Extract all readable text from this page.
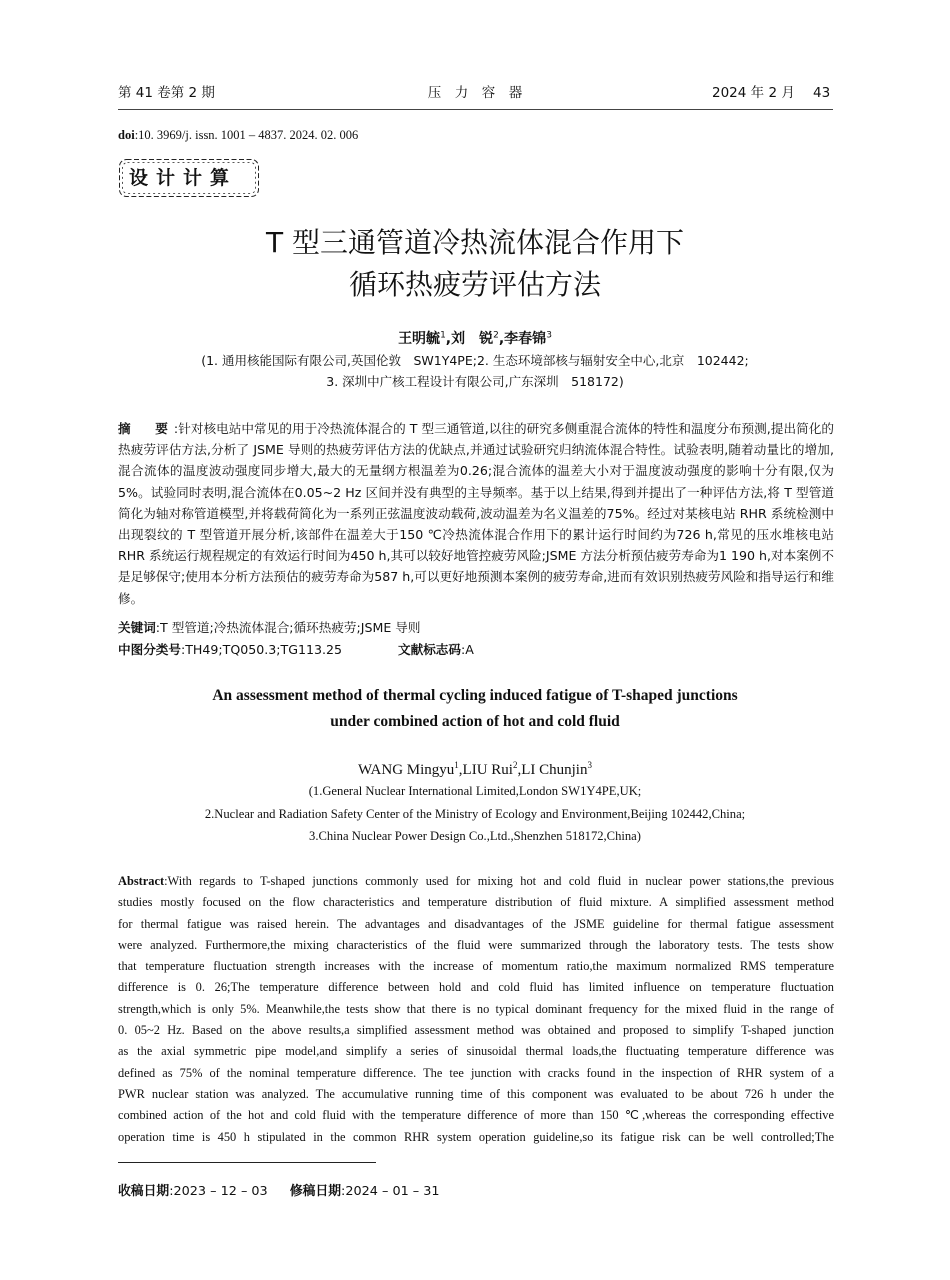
第 41 卷第 2 期	压　力　容　器	2024 年 2 月 43
doi:10. 3969/j. issn. 1001 – 4837. 2024. 02. 006
设计计算
T 型三通管道冷热流体混合作用下
循环热疲劳评估方法
王明毓$^1$,刘　锐$^2$,李春锦$^3$
(1. 通用核能国际有限公司,英国伦敦　SW1Y4PE;2. 生态环境部核与辐射安全中心,北京　102442;
3. 深圳中广核工程设计有限公司,广东深圳　518172)
摘　要:针对核电站中常见的用于冷热流体混合的 T 型三通管道,以往的研究多侧重混合流体的特性和温度分布预测,提出简化的热疲劳评估方法,分析了 JSME 导则的热疲劳评估方法的优缺点,并通过试验研究归纳流体混合特性。试验表明,随着动量比的增加,混合流体的温度波动强度同步增大,最大的无量纲方根温差为0.26;混合流体的温差大小对于温度波动强度的影响十分有限,仅为5%。试验同时表明,混合流体在0.05~2 Hz 区间并没有典型的主导频率。基于以上结果,得到并提出了一种评估方法,将 T 型管道简化为轴对称管道模型,并将载荷简化为一系列正弦温度波动载荷,波动温差为名义温差的75%。经过对某核电站 RHR 系统检测中出现裂纹的 T 型管道开展分析,该部件在温差大于150 ℃冷热流体混合作用下的累计运行时间约为726 h,常见的压水堆核电站 RHR 系统运行规程规定的有效运行时间为450 h,其可以较好地管控疲劳风险;JSME 方法分析预估疲劳寿命为1 190 h,对本案例不是足够保守;使用本分析方法预估的疲劳寿命为587 h,可以更好地预测本案例的疲劳寿命,进而有效识别热疲劳风险和指导运行和维修。
关键词:T 型管道;冷热流体混合;循环热疲劳;JSME 导则
中图分类号:TH49;TQ050.3;TG113.25	文献标志码:A
An assessment method of thermal cycling induced fatigue of T-shaped junctions
under combined action of hot and cold fluid
WANG Mingyu$^1$,LIU Rui$^2$,LI Chunjin$^3$
(1.General Nuclear International Limited,London SW1Y4PE,UK;
2.Nuclear and Radiation Safety Center of the Ministry of Ecology and Environment,Beijing 102442,China;
3.China Nuclear Power Design Co.,Ltd.,Shenzhen 518172,China)
Abstract:With regards to T-shaped junctions commonly used for mixing hot and cold fluid in nuclear power stations,the previous
studies mostly focused on the flow characteristics and temperature distribution of fluid mixture. A simplified assessment method
for thermal fatigue was raised herein. The advantages and disadvantages of the JSME guideline for thermal fatigue assessment
were analyzed. Furthermore,the mixing characteristics of the fluid were summarized through the laboratory tests. The tests show
that temperature fluctuation strength increases with the increase of momentum ratio,the maximum normalized RMS temperature
difference is 0. 26;The temperature difference between hold and cold fluid has limited influence on temperature fluctuation
strength,which is only 5%. Meanwhile,the tests show that there is no typical dominant frequency for the mixed fluid in the range of
0. 05~2 Hz. Based on the above results,a simplified assessment method was obtained and proposed to simplify T-shaped junction
as the axial symmetric pipe model,and simplify a series of sinusoidal thermal loads,the fluctuating temperature difference was
defined as 75% of the nominal temperature difference. The tee junction with cracks found in the inspection of RHR system of a
PWR nuclear station was analyzed. The accumulative running time of this component was evaluated to be about 726 h under the
combined action of the hot and cold fluid with the temperature difference of more than 150 ℃,whereas the corresponding effective
operation time is 450 h stipulated in the common RHR system operation guideline,so its fatigue risk can be well controlled;The
收稿日期:2023 – 12 – 03 修稿日期:2024 – 01 – 31
